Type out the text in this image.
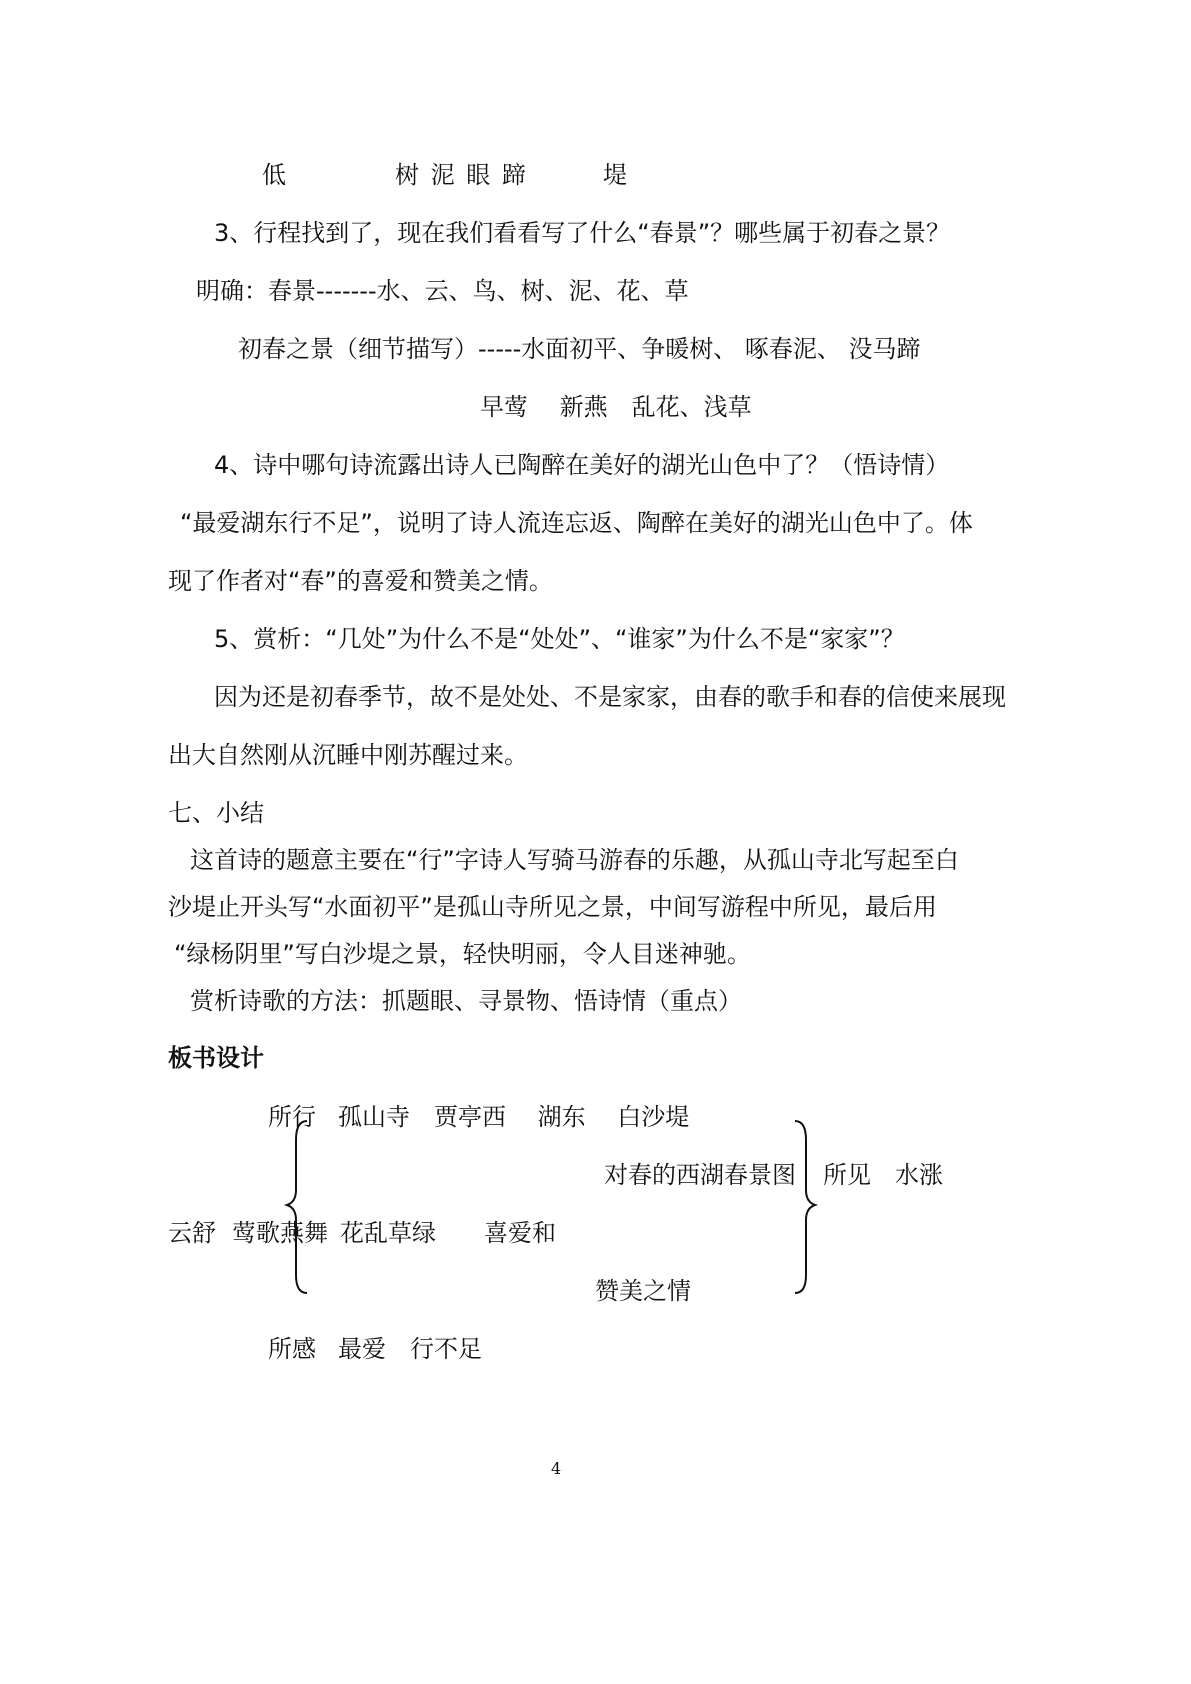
低	树 泥 眼 蹄	堤
3、行程找到了，现在我们看看写了什么“春景”？哪些属于初春之景？
明确：春景-------水、云、鸟、树、泥、花、草
初春之景（细节描写）-----水面初平、争暖树、 啄春泥、 没马蹄
早莺　 新燕　乱花、浅草
4、诗中哪句诗流露出诗人已陶醉在美好的湖光山色中了？（悟诗情）
“最爱湖东行不足”，说明了诗人流连忘返、陶醉在美好的湖光山色中了。体
现了作者对“春”的喜爱和赞美之情。
5、赏析：“几处”为什么不是“处处”、“谁家”为什么不是“家家”？
因为还是初春季节，故不是处处、不是家家，由春的歌手和春的信使来展现
出大自然刚从沉睡中刚苏醒过来。
七、小结
这首诗的题意主要在“行”字诗人写骑马游春的乐趣，从孤山寺北写起至白
沙堤止开头写“水面初平”是孤山寺所见之景，中间写游程中所见，最后用
“绿杨阴里”写白沙堤之景，轻快明丽，令人目迷神驰。
赏析诗歌的方法：抓题眼、寻景物、悟诗情（重点）
板书设计
所行 孤山寺　贾亭西　 湖东　 白沙堤
对春的西湖春景图 所见　水涨
云舒 莺歌燕舞 花乱草绿 喜爱和
赞美之情
所感 最爱 行不足
4
